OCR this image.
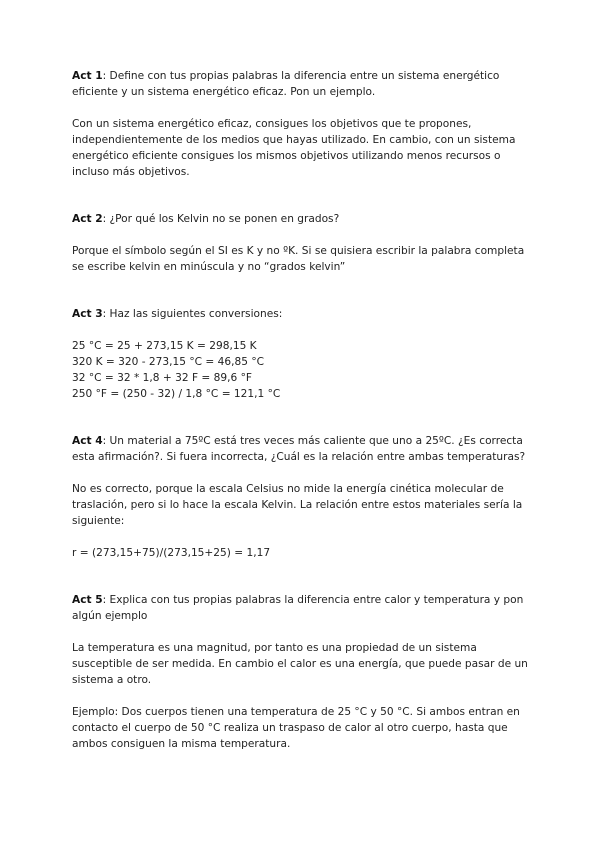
Act 1: Define con tus propias palabras la diferencia entre un sistema energético eficiente y un sistema energético eficaz. Pon un ejemplo.

Con un sistema energético eficaz, consigues los objetivos que te propones, independientemente de los medios que hayas utilizado. En cambio, con un sistema energético eficiente consigues los mismos objetivos utilizando menos recursos o incluso más objetivos.

Act 2: ¿Por qué los Kelvin no se ponen en grados?

Porque el símbolo según el SI es K y no ºK. Si se quisiera escribir la palabra completa se escribe kelvin en minúscula y no “grados kelvin”

Act 3: Haz las siguientes conversiones:

25 °C = 25 + 273,15 K = 298,15 K
320 K = 320 - 273,15 °C = 46,85 °C
32 °C = 32 * 1,8 + 32 F = 89,6 °F
250 °F = (250 - 32) / 1,8 °C = 121,1 °C

Act 4: Un material a 75ºC está tres veces más caliente que uno a 25ºC. ¿Es correcta esta afirmación?. Si fuera incorrecta, ¿Cuál es la relación entre ambas temperaturas?

No es correcto, porque la escala Celsius no mide la energía cinética molecular de traslación, pero si lo hace la escala Kelvin. La relación entre estos materiales sería la siguiente:

r = (273,15+75)/(273,15+25) = 1,17

Act 5: Explica con tus propias palabras la diferencia entre calor y temperatura y pon algún ejemplo

La temperatura es una magnitud, por tanto es una propiedad de un sistema susceptible de ser medida. En cambio el calor es una energía, que puede pasar de un sistema a otro.

Ejemplo: Dos cuerpos tienen una temperatura de 25 °C y 50 °C. Si ambos entran en contacto el cuerpo de 50 °C realiza un traspaso de calor al otro cuerpo, hasta que ambos consiguen la misma temperatura.
